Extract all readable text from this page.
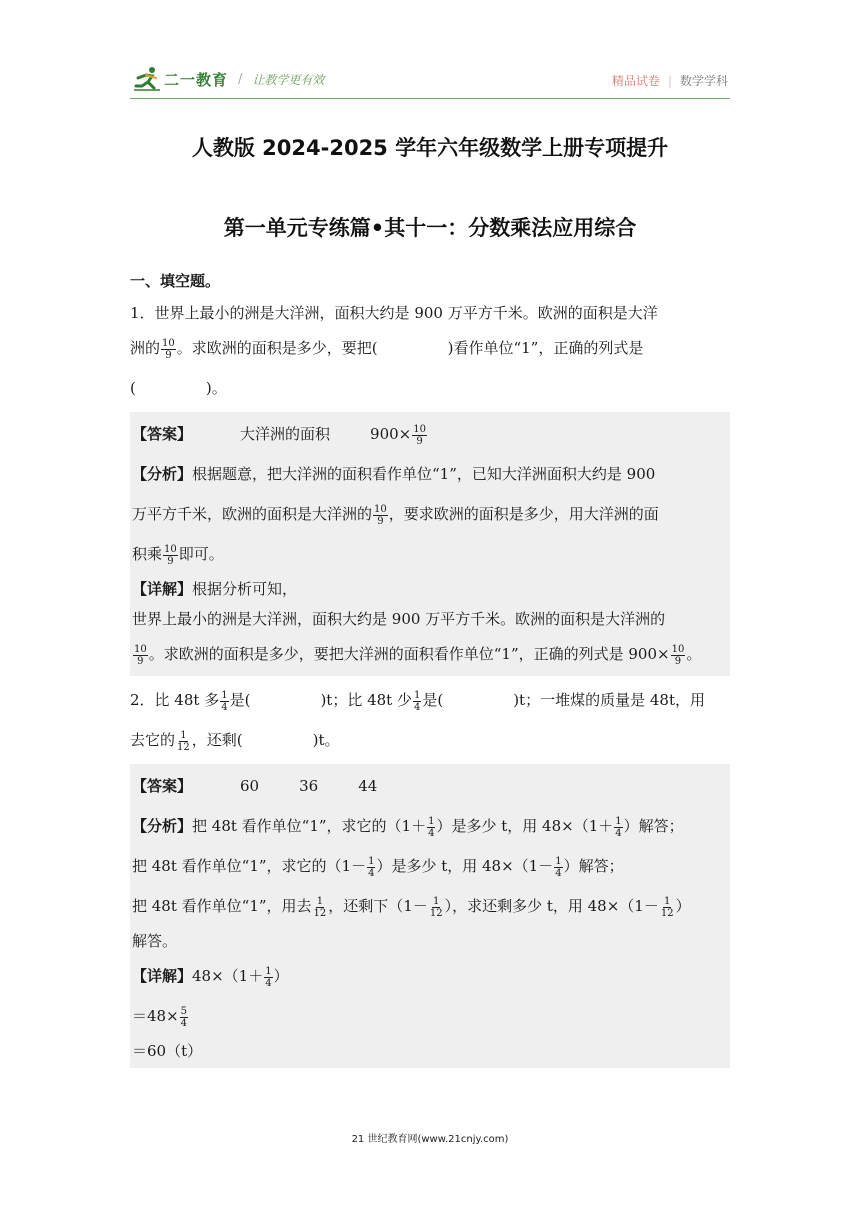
二一教育 / 让教学更有效	精品试卷 | 数学学科
人教版 2024-2025 学年六年级数学上册专项提升
第一单元专练篇•其十一：分数乘法应用综合
一、填空题。
1．世界上最小的洲是大洋洲，面积大约是 900 万平方千米。欧洲的面积是大洋
洲的 $\frac{10}{9}$ 。求欧洲的面积是多少，要把(	)看作单位“1”，正确的列式是
(	)。
【答案】	大洋洲的面积	$900\times \frac{10}{9}$
【分析】根据题意，把大洋洲的面积看作单位“1”，已知大洋洲面积大约是 900
万平方千米，欧洲的面积是大洋洲的 $\frac{10}{9}$ ，要求欧洲的面积是多少，用大洋洲的面
积乘 $\frac{10}{9}$ 即可。
【详解】根据分析可知，
世界上最小的洲是大洋洲，面积大约是 900 万平方千米。欧洲的面积是大洋洲的
$\frac{10}{9}$ 。求欧洲的面积是多少，要把大洋洲的面积看作单位“1”，正确的列式是 $900\times \frac{10}{9}$ 。
2．比 48t 多 $\frac{1}{4}$ 是(	)t；比 48t 少 $\frac{1}{4}$ 是(	)t；一堆煤的质量是 48t，用
去它的 $\frac{1}{12}$ ，还剩(	)t。
【答案】	60	36	44
【分析】把 48t 看作单位“1”，求它的（$1+ \frac{1}{4}$ ）是多少 t，用 $48\times(1+ \frac{1}{4}$ ）解答；
把 48t 看作单位“1”，求它的（$1- \frac{1}{4}$ ）是多少 t，用 $48\times(1- \frac{1}{4}$ ）解答；
把 48t 看作单位“1”，用去 $\frac{1}{12}$ ，还剩下（$1- \frac{1}{12}$ ），求还剩多少 t，用 $48\times(1- \frac{1}{12}$ ）
解答。
【详解】$48\times(1+ \frac{1}{4}$ ）
$=48\times \frac{5}{4}$
＝60（t）
21 世纪教育网(www.21cnjy.com)
